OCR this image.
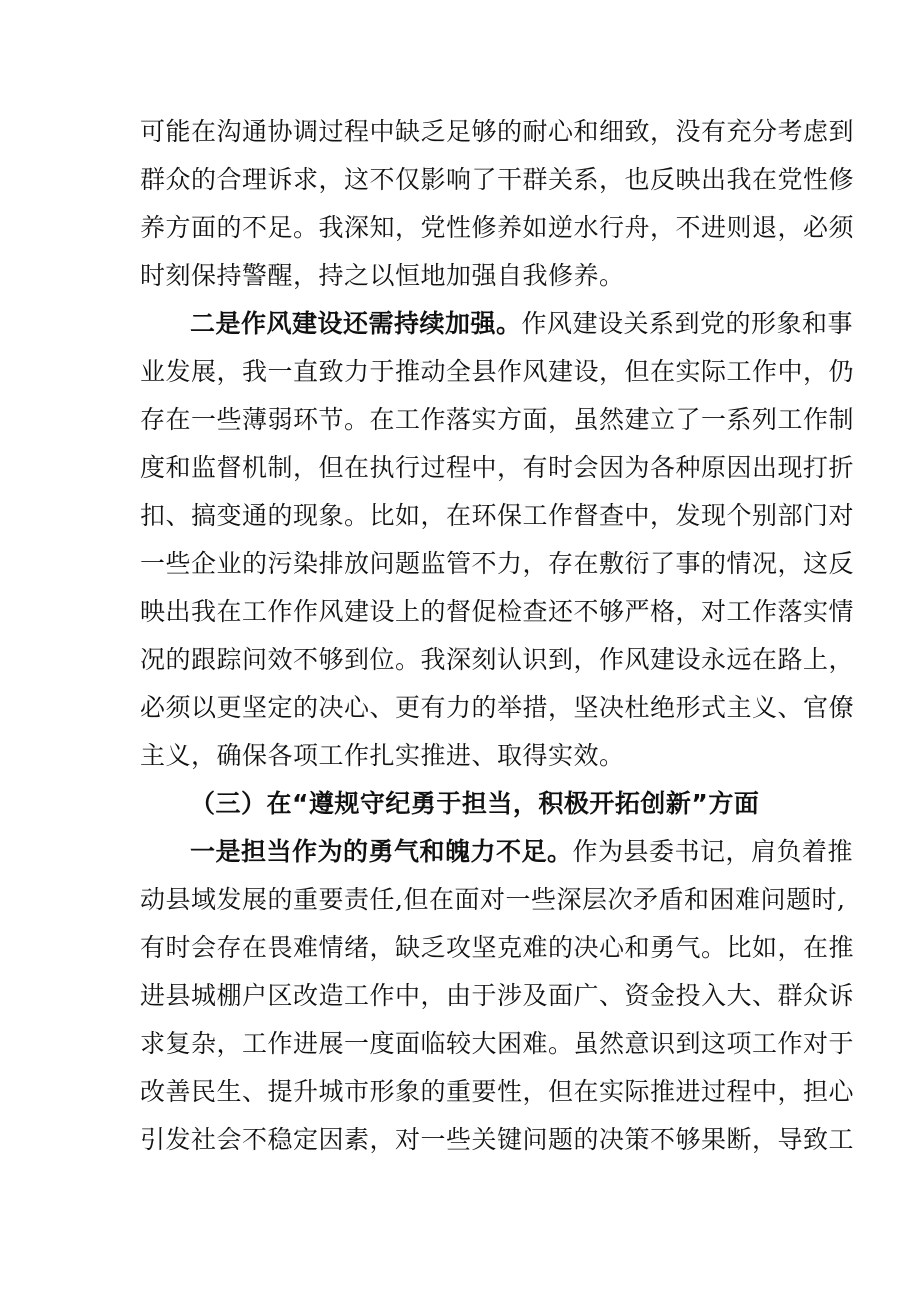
可能在沟通协调过程中缺乏足够的耐心和细致，没有充分考虑到
群众的合理诉求，这不仅影响了干群关系，也反映出我在党性修
养方面的不足。我深知，党性修养如逆水行舟，不进则退，必须
时刻保持警醒，持之以恒地加强自我修养。
二是作风建设还需持续加强。作风建设关系到党的形象和事
业发展，我一直致力于推动全县作风建设，但在实际工作中，仍
存在一些薄弱环节。在工作落实方面，虽然建立了一系列工作制
度和监督机制，但在执行过程中，有时会因为各种原因出现打折
扣、搞变通的现象。比如，在环保工作督查中，发现个别部门对
一些企业的污染排放问题监管不力，存在敷衍了事的情况，这反
映出我在工作作风建设上的督促检查还不够严格，对工作落实情
况的跟踪问效不够到位。我深刻认识到，作风建设永远在路上，
必须以更坚定的决心、更有力的举措，坚决杜绝形式主义、官僚
主义，确保各项工作扎实推进、取得实效。
（三）在“遵规守纪勇于担当，积极开拓创新”方面
一是担当作为的勇气和魄力不足。作为县委书记，肩负着推
动县域发展的重要责任,但在面对一些深层次矛盾和困难问题时,
有时会存在畏难情绪，缺乏攻坚克难的决心和勇气。比如，在推
进县城棚户区改造工作中，由于涉及面广、资金投入大、群众诉
求复杂，工作进展一度面临较大困难。虽然意识到这项工作对于
改善民生、提升城市形象的重要性，但在实际推进过程中，担心
引发社会不稳定因素，对一些关键问题的决策不够果断，导致工
